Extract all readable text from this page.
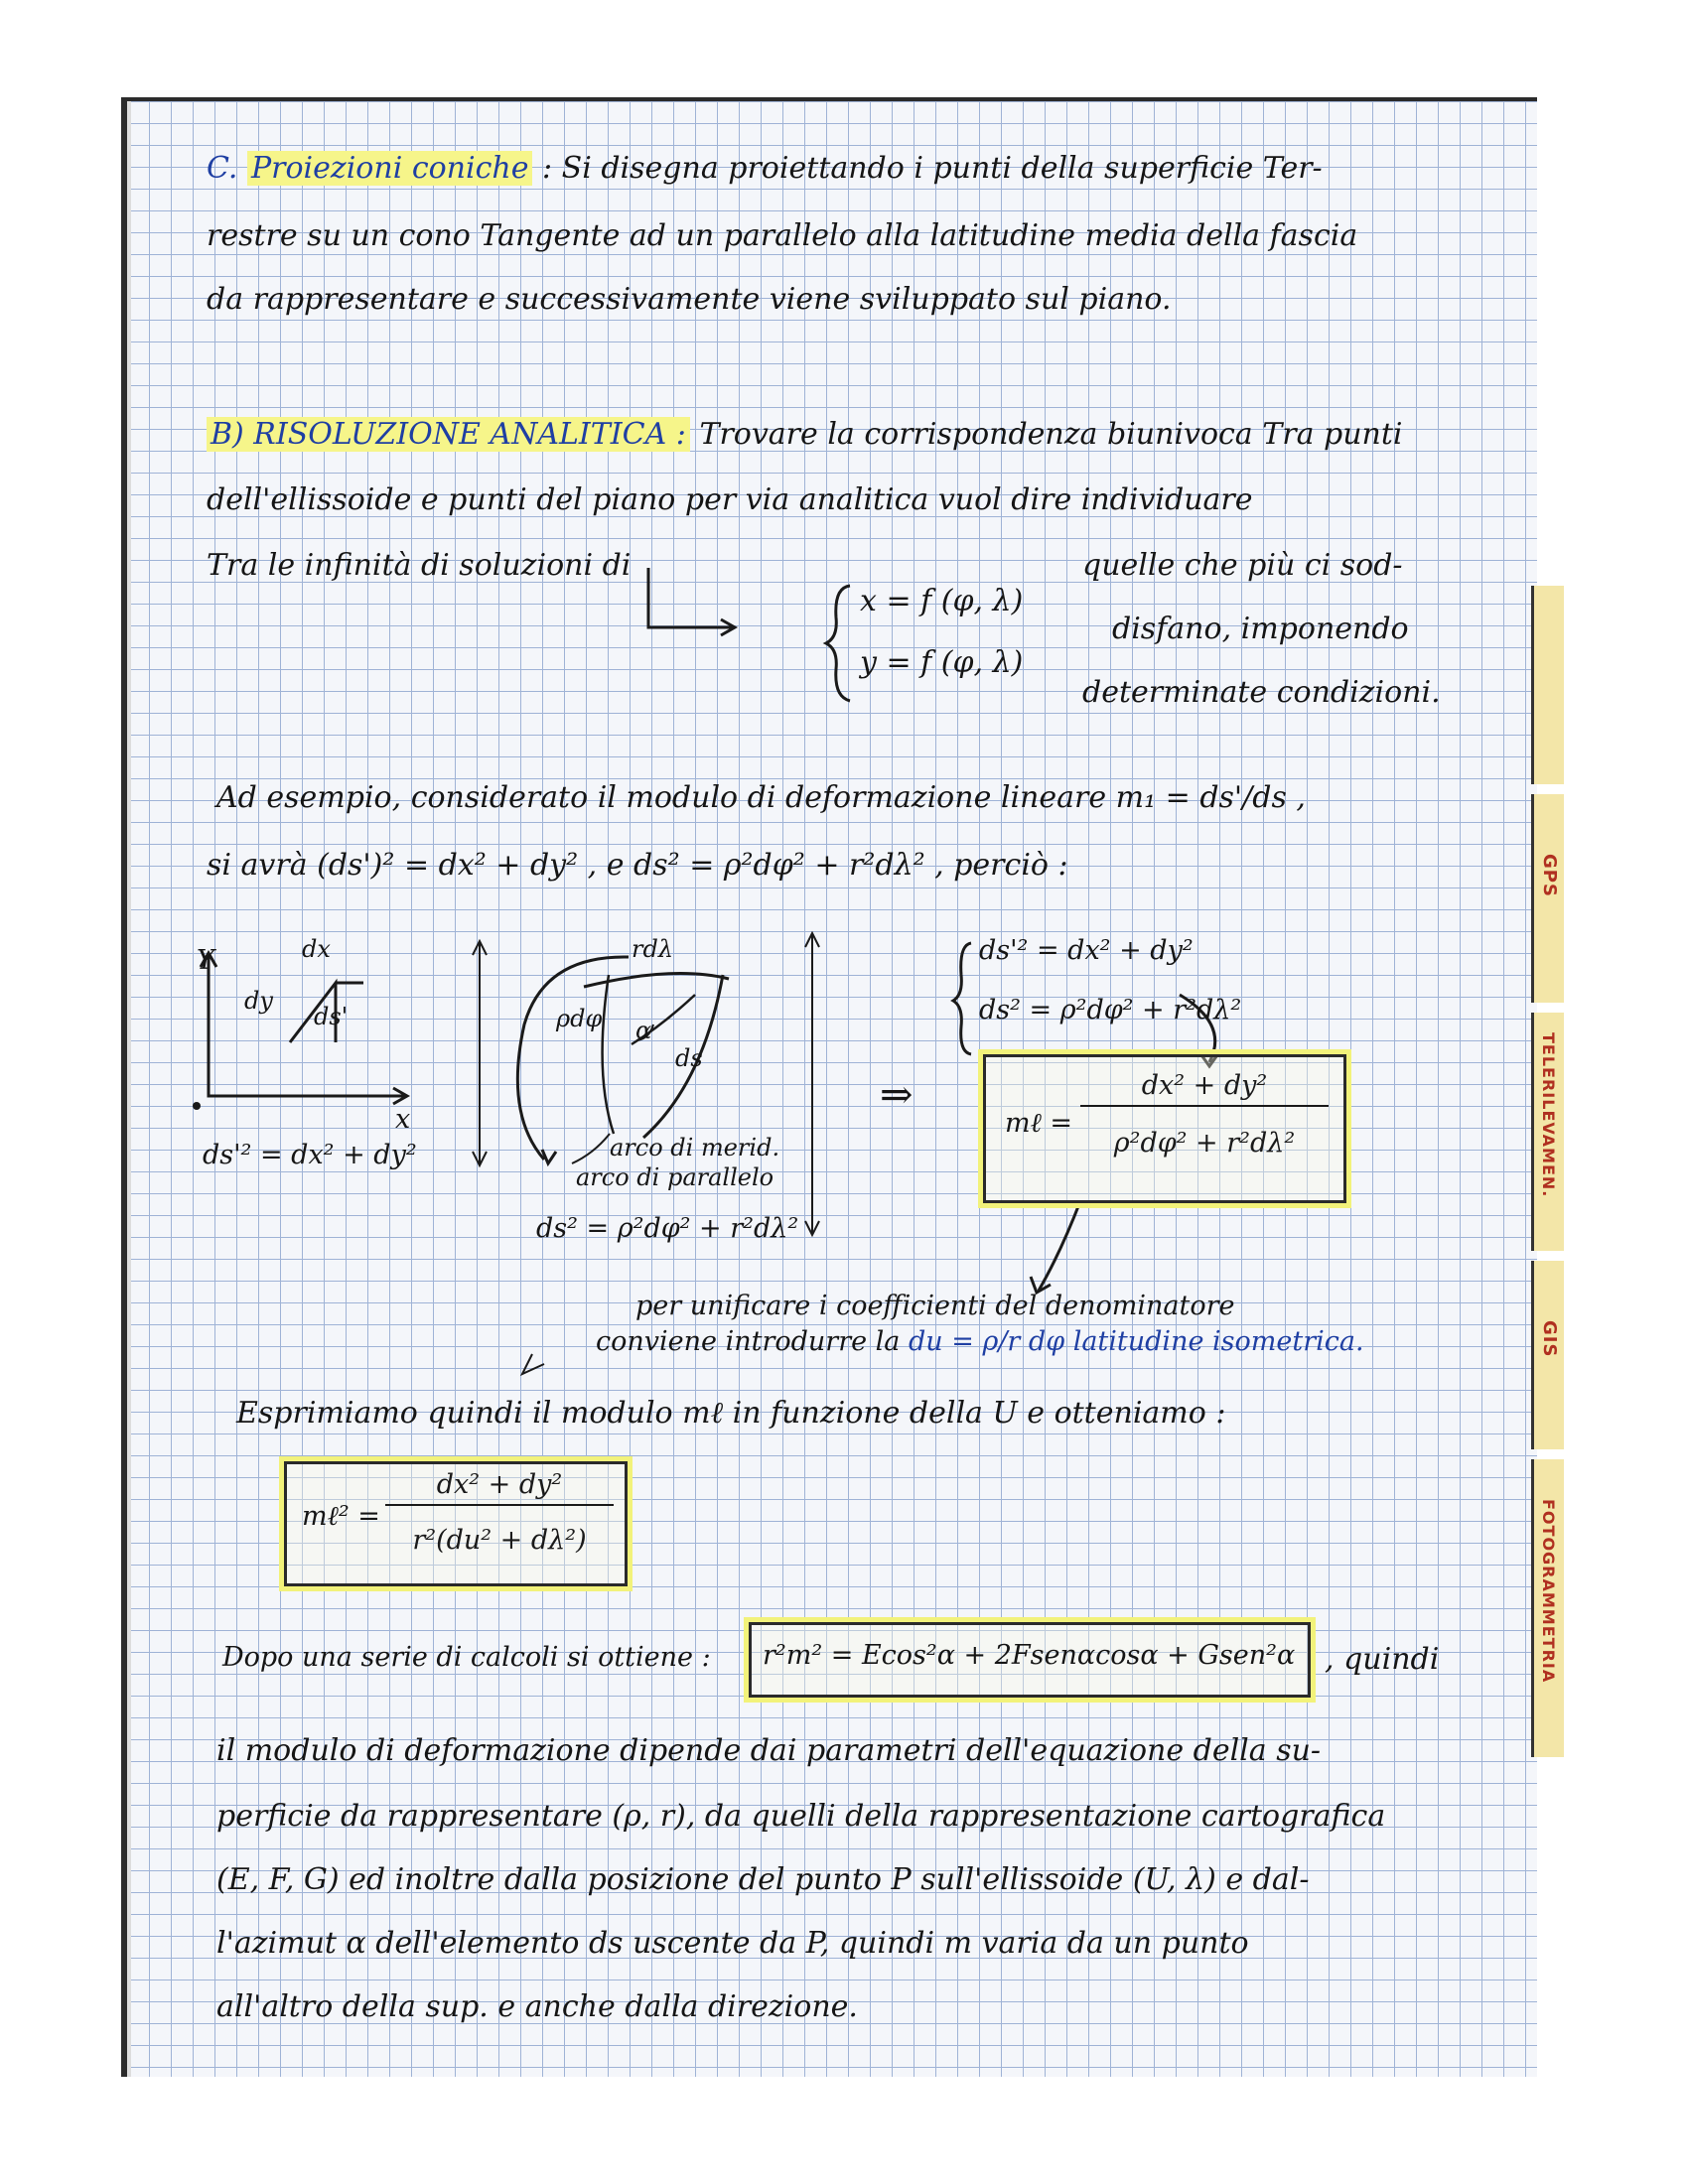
C. Proiezioni coniche : Si disegna proiettando i punti della superficie Ter-
restre su un cono Tangente ad un parallelo alla latitudine media della fascia
da rappresentare e successivamente viene sviluppato sul piano.
B) RISOLUZIONE ANALITICA : Trovare la corrispondenza biunivoca Tra punti
dell'ellissoide e punti del piano per via analitica vuol dire individuare
Tra le infinità di soluzioni di	quelle che più ci sod-
disfano, imponendo
determinate condizioni.
x = f (φ, λ)
y = f (φ, λ)
Ad esempio, considerato il modulo di deformazione lineare m₁ = ds'/ds ,
si avrà (ds')² = dx² + dy² , e ds² = ρ²dφ² + r²dλ² , perciò :
Y
x
dx
dy
ds'
ds'² = dx² + dy²
rdλ
ρdφ α
ds
arco di merid.
arco di parallelo
ds² = ρ²dφ² + r²dλ²
ds'² = dx² + dy²
ds² = ρ²dφ² + r²dλ²
⇒
mℓ =
dx² + dy²
ρ²dφ² + r²dλ²
per unificare i coefficienti del denominatore
conviene introdurre la du = ρ/r dφ latitudine isometrica.
Esprimiamo quindi il modulo mℓ in funzione della U e otteniamo :
mℓ² =
dx² + dy²
r²(du² + dλ²)
Dopo una serie di calcoli si ottiene : r²m² = Ecos²α + 2Fsenαcosα + Gsen²α , quindi
il modulo di deformazione dipende dai parametri dell'equazione della su-
perficie da rappresentare (ρ, r), da quelli della rappresentazione cartografica
(E, F, G) ed inoltre dalla posizione del punto P sull'ellissoide (U, λ) e dal-
l'azimut α dell'elemento ds uscente da P, quindi m varia da un punto
all'altro della sup. e anche dalla direzione.
GPS
TELERILEVAMEN.
GIS
FOTOGRAMMETRIA
